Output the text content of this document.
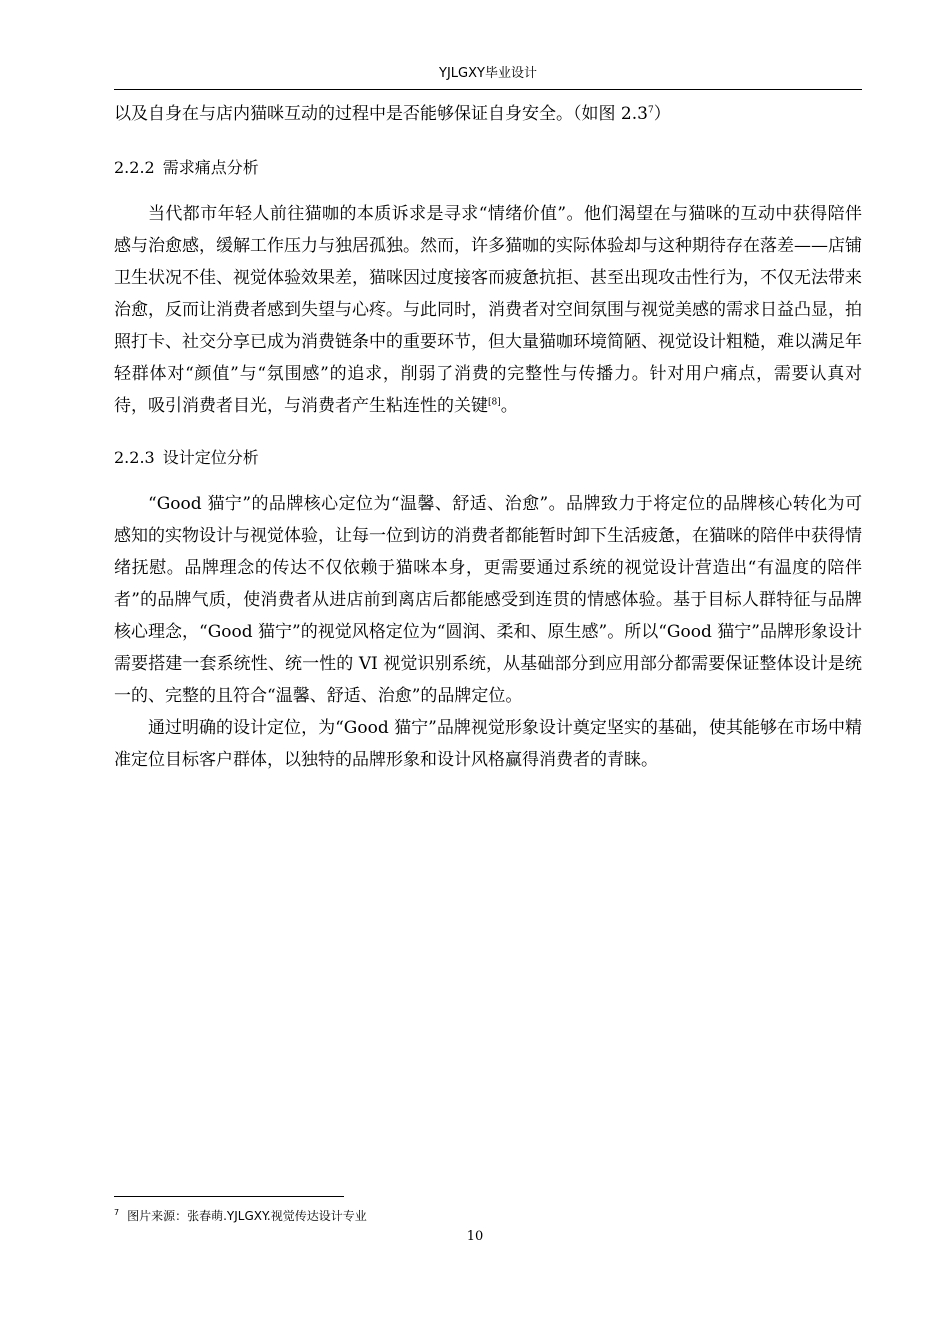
YJLGXY毕业设计

以及自身在与店内猫咪互动的过程中是否能够保证自身安全。（如图 $2.3^7$）

2.2.2 需求痛点分析

当代都市年轻人前往猫咖的本质诉求是寻求“情绪价值”。他们渴望在与猫咪的互动中获得陪伴感与治愈感，缓解工作压力与独居孤独。然而，许多猫咖的实际体验却与这种期待存在落差——店铺卫生状况不佳、视觉体验效果差，猫咪因过度接客而疲惫抗拒、甚至出现攻击性行为，不仅无法带来治愈，反而让消费者感到失望与心疼。与此同时，消费者对空间氛围与视觉美感的需求日益凸显，拍照打卡、社交分享已成为消费链条中的重要环节，但大量猫咖环境简陋、视觉设计粗糙，难以满足年轻群体对“颜值”与“氛围感”的追求，削弱了消费的完整性与传播力。针对用户痛点，需要认真对待，吸引消费者目光，与消费者产生粘连性的关键[8]。

2.2.3 设计定位分析

“Good 猫宁”的品牌核心定位为“温馨、舒适、治愈”。品牌致力于将定位的品牌核心转化为可感知的实物设计与视觉体验，让每一位到访的消费者都能暂时卸下生活疲惫，在猫咪的陪伴中获得情绪抚慰。品牌理念的传达不仅依赖于猫咪本身，更需要通过系统的视觉设计营造出“有温度的陪伴者”的品牌气质，使消费者从进店前到离店后都能感受到连贯的情感体验。基于目标人群特征与品牌核心理念，“Good 猫宁”的视觉风格定位为“圆润、柔和、原生感”。所以“Good 猫宁”品牌形象设计需要搭建一套系统性、统一性的 VI 视觉识别系统，从基础部分到应用部分都需要保证整体设计是统一的、完整的且符合“温馨、舒适、治愈”的品牌定位。

通过明确的设计定位，为“Good 猫宁”品牌视觉形象设计奠定坚实的基础，使其能够在市场中精准定位目标客户群体，以独特的品牌形象和设计风格赢得消费者的青睐。

$^7$ 图片来源：张春萌.YJLGXY.视觉传达设计专业
10
